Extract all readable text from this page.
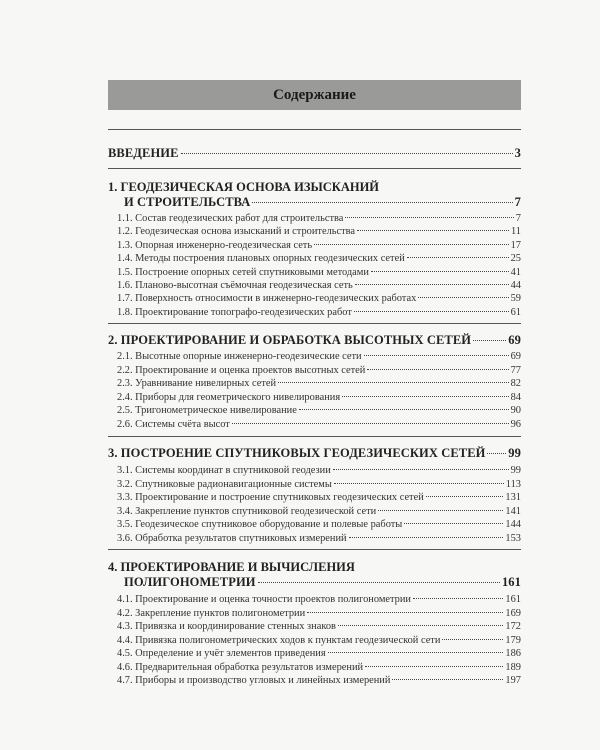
Содержание
ВВЕДЕНИЕ	3
1. ГЕОДЕЗИЧЕСКАЯ ОСНОВА ИЗЫСКАНИЙ
И СТРОИТЕЛЬСТВА	7
1.1. Состав геодезических работ для строительства	7
1.2. Геодезическая основа изысканий и строительства	11
1.3. Опорная инженерно-геодезическая сеть	17
1.4. Методы построения плановых опорных геодезических сетей	25
1.5. Построение опорных сетей спутниковыми методами	41
1.6. Планово-высотная съёмочная геодезическая сеть	44
1.7. Поверхность относимости в инженерно-геодезических работах	59
1.8. Проектирование топографо-геодезических работ	61
2. ПРОЕКТИРОВАНИЕ И ОБРАБОТКА ВЫСОТНЫХ СЕТЕЙ	69
2.1. Высотные опорные инженерно-геодезические сети	69
2.2. Проектирование и оценка проектов высотных сетей	77
2.3. Уравнивание нивелирных сетей	82
2.4. Приборы для геометрического нивелирования	84
2.5. Тригонометрическое нивелирование	90
2.6. Системы счёта высот	96
3. ПОСТРОЕНИЕ СПУТНИКОВЫХ ГЕОДЕЗИЧЕСКИХ СЕТЕЙ 99
3.1. Системы координат в спутниковой геодезии	99
3.2. Спутниковые радионавигационные системы	113
3.3. Проектирование и построение спутниковых геодезических сетей	131
3.4. Закрепление пунктов спутниковой геодезической сети	141
3.5. Геодезическое спутниковое оборудование и полевые работы	144
3.6. Обработка результатов спутниковых измерений	153
4. ПРОЕКТИРОВАНИЕ И ВЫЧИСЛЕНИЯ
ПОЛИГОНОМЕТРИИ	161
4.1. Проектирование и оценка точности проектов полигонометрии	161
4.2. Закрепление пунктов полигонометрии	169
4.3. Привязка и координирование стенных знаков	172
4.4. Привязка полигонометрических ходов к пунктам геодезической сети	179
4.5. Определение и учёт элементов приведения	186
4.6. Предварительная обработка результатов измерений	189
4.7. Приборы и производство угловых и линейных измерений	197
